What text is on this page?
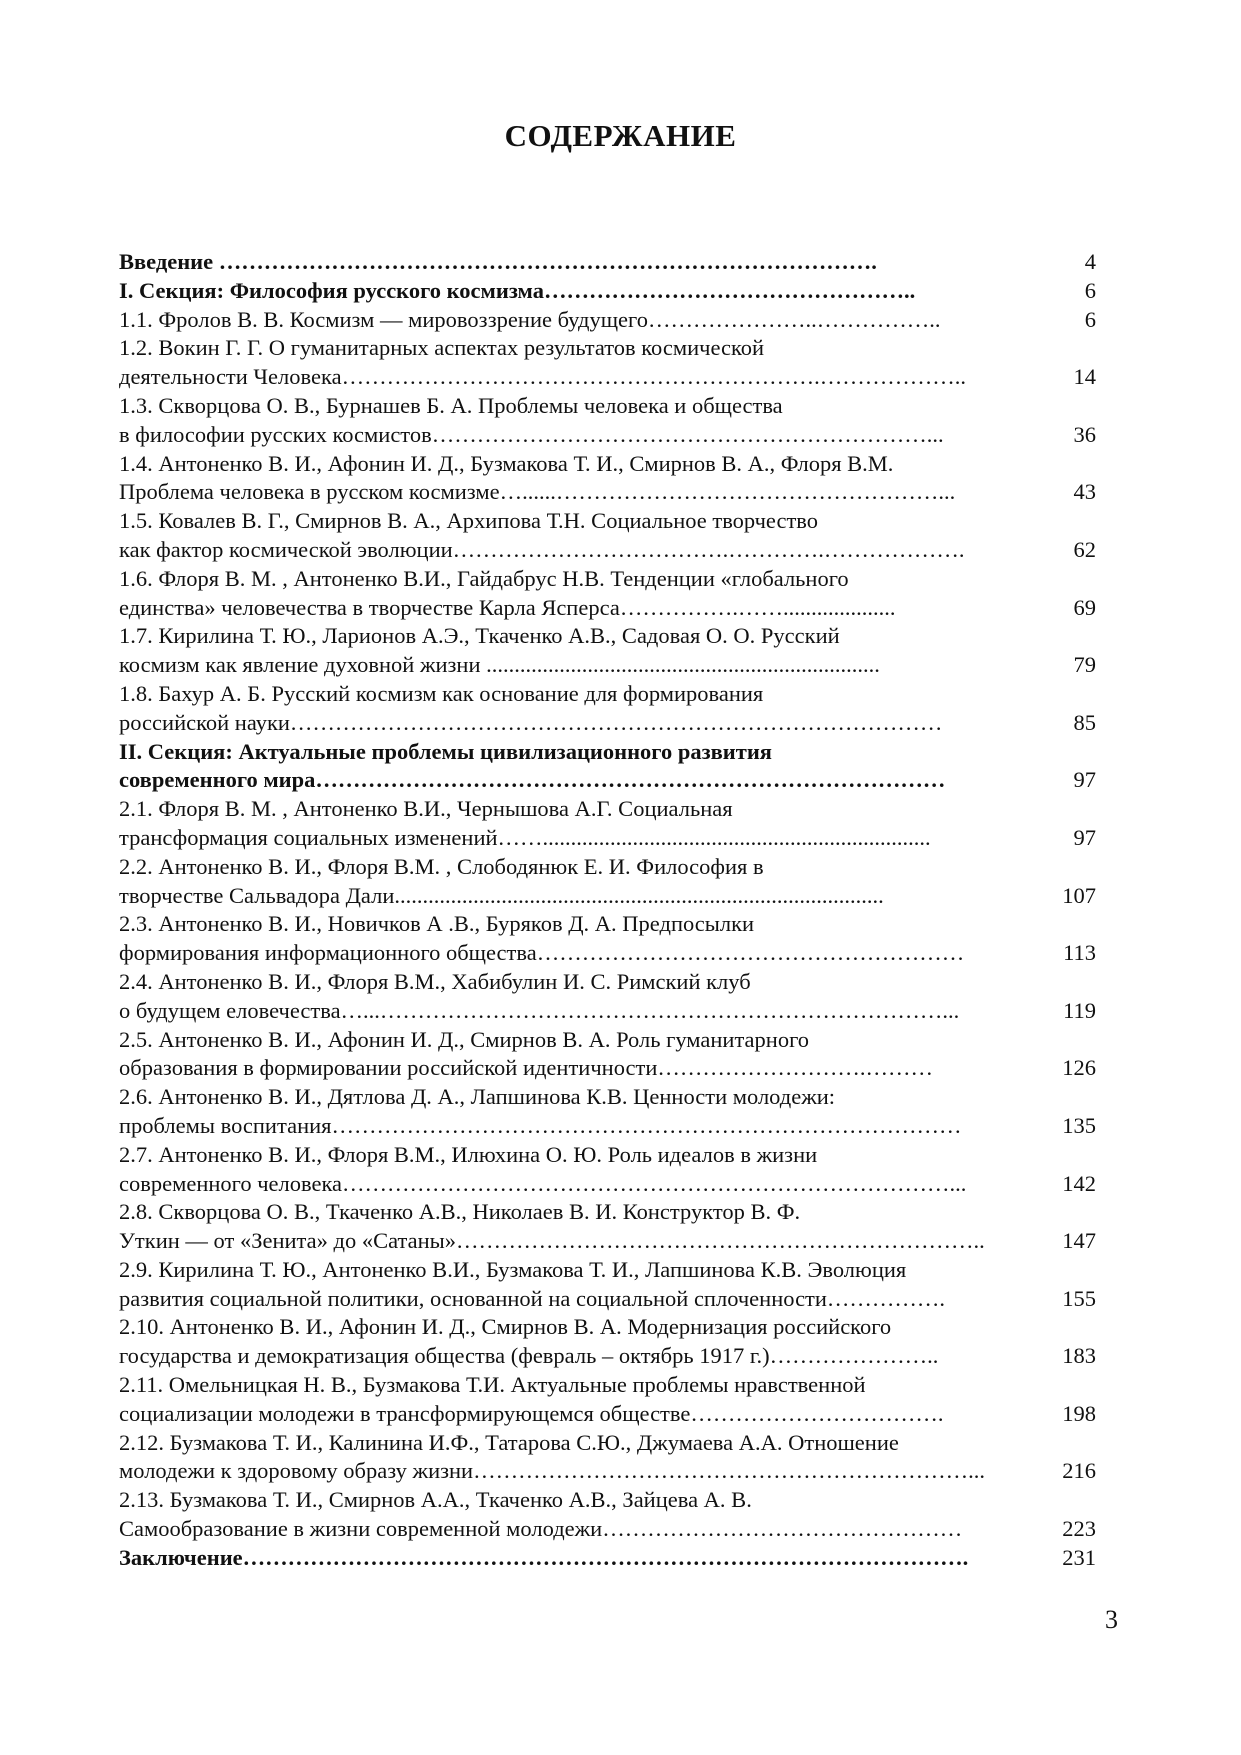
СОДЕРЖАНИЕ
Введение …………………………………………………………………………….	4
I. Секция: Философия русского космизма…………………………………………..	6
1.1. Фролов В. В. Космизм — мировоззрение будущего…………………..……………..	6
1.2. Вокин Г. Г. О гуманитарных аспектах результатов космической
деятельности Человека……………………………………………………….………………..	14
1.3. Скворцова О. В., Бурнашев Б. А. Проблемы человека и общества
в философии русских космистов…………………………………………………………...	36
1.4. Антоненко В. И., Афонин И. Д., Бузмакова Т. И., Смирнов В. А., Флоря В.М.
Проблема человека в русском космизме…......……………………………………………...	43
1.5. Ковалев В. Г., Смирнов В. А., Архипова Т.Н. Социальное творчество
как фактор космической эволюции……………………………….………….……………….	62
1.6. Флоря В. М. , Антоненко В.И., Гайдабрус Н.В. Тенденции «глобального
единства» человечества в творчестве Карла Ясперса…………….……....................	69
1.7. Кирилина Т. Ю., Ларионов А.Э., Ткаченко А.В., Садовая О. О. Русский
космизм как явление духовной жизни ......................................................................	79
1.8. Бахур А. Б. Русский космизм как основание для формирования
российской науки……………………………………………………………………………	85
II. Секция: Актуальные проблемы цивилизационного развития
современного мира…………………………………………………………………………	97
2.1. Флоря В. М. , Антоненко В.И., Чернышова А.Г. Социальная
трансформация социальных изменений…….....................................................................	97
2.2. Антоненко В. И., Флоря В.М. , Слободянюк Е. И. Философия в
творчестве Сальвадора Дали.......................................................................................	107
2.3. Антоненко В. И., Новичков А .В., Буряков Д. А. Предпосылки
формирования информационного общества…………………………………………………	113
2.4. Антоненко В. И., Флоря В.М., Хабибулин И. С. Римский клуб
о будущем еловечества…...…………………………………………………………………...	119
2.5. Антоненко В. И., Афонин И. Д., Смирнов В. А. Роль гуманитарного
образования в формировании российской идентичности……………………….………	126
2.6. Антоненко В. И., Дятлова Д. А., Лапшинова К.В. Ценности молодежи:
проблемы воспитания…………………………………………………………………………	135
2.7. Антоненко В. И., Флоря В.М., Илюхина О. Ю. Роль идеалов в жизни
современного человека………………………………………………………………………...	142
2.8. Скворцова О. В., Ткаченко А.В., Николаев В. И. Конструктор В. Ф.
Уткин — от «Зенита» до «Сатаны»……………………………………………………………..	147
2.9. Кирилина Т. Ю., Антоненко В.И., Бузмакова Т. И., Лапшинова К.В. Эволюция
развития социальной политики, основанной на социальной сплоченности…………….	155
2.10. Антоненко В. И., Афонин И. Д., Смирнов В. А. Модернизация российского
государства и демократизация общества (февраль – октябрь 1917 г.)…………………..	183
2.11. Омельницкая Н. В., Бузмакова Т.И. Актуальные проблемы нравственной
социализации молодежи в трансформирующемся обществе…………………………….	198
2.12. Бузмакова Т. И., Калинина И.Ф., Татарова С.Ю., Джумаева А.А. Отношение
молодежи к здоровому образу жизни…………………………………………………………...	216
2.13. Бузмакова Т. И., Смирнов А.А., Ткаченко А.В., Зайцева А. В.
Самообразование в жизни современной молодежи…………………………………………	223
Заключение…………………………………………………………………………………….	231
3
